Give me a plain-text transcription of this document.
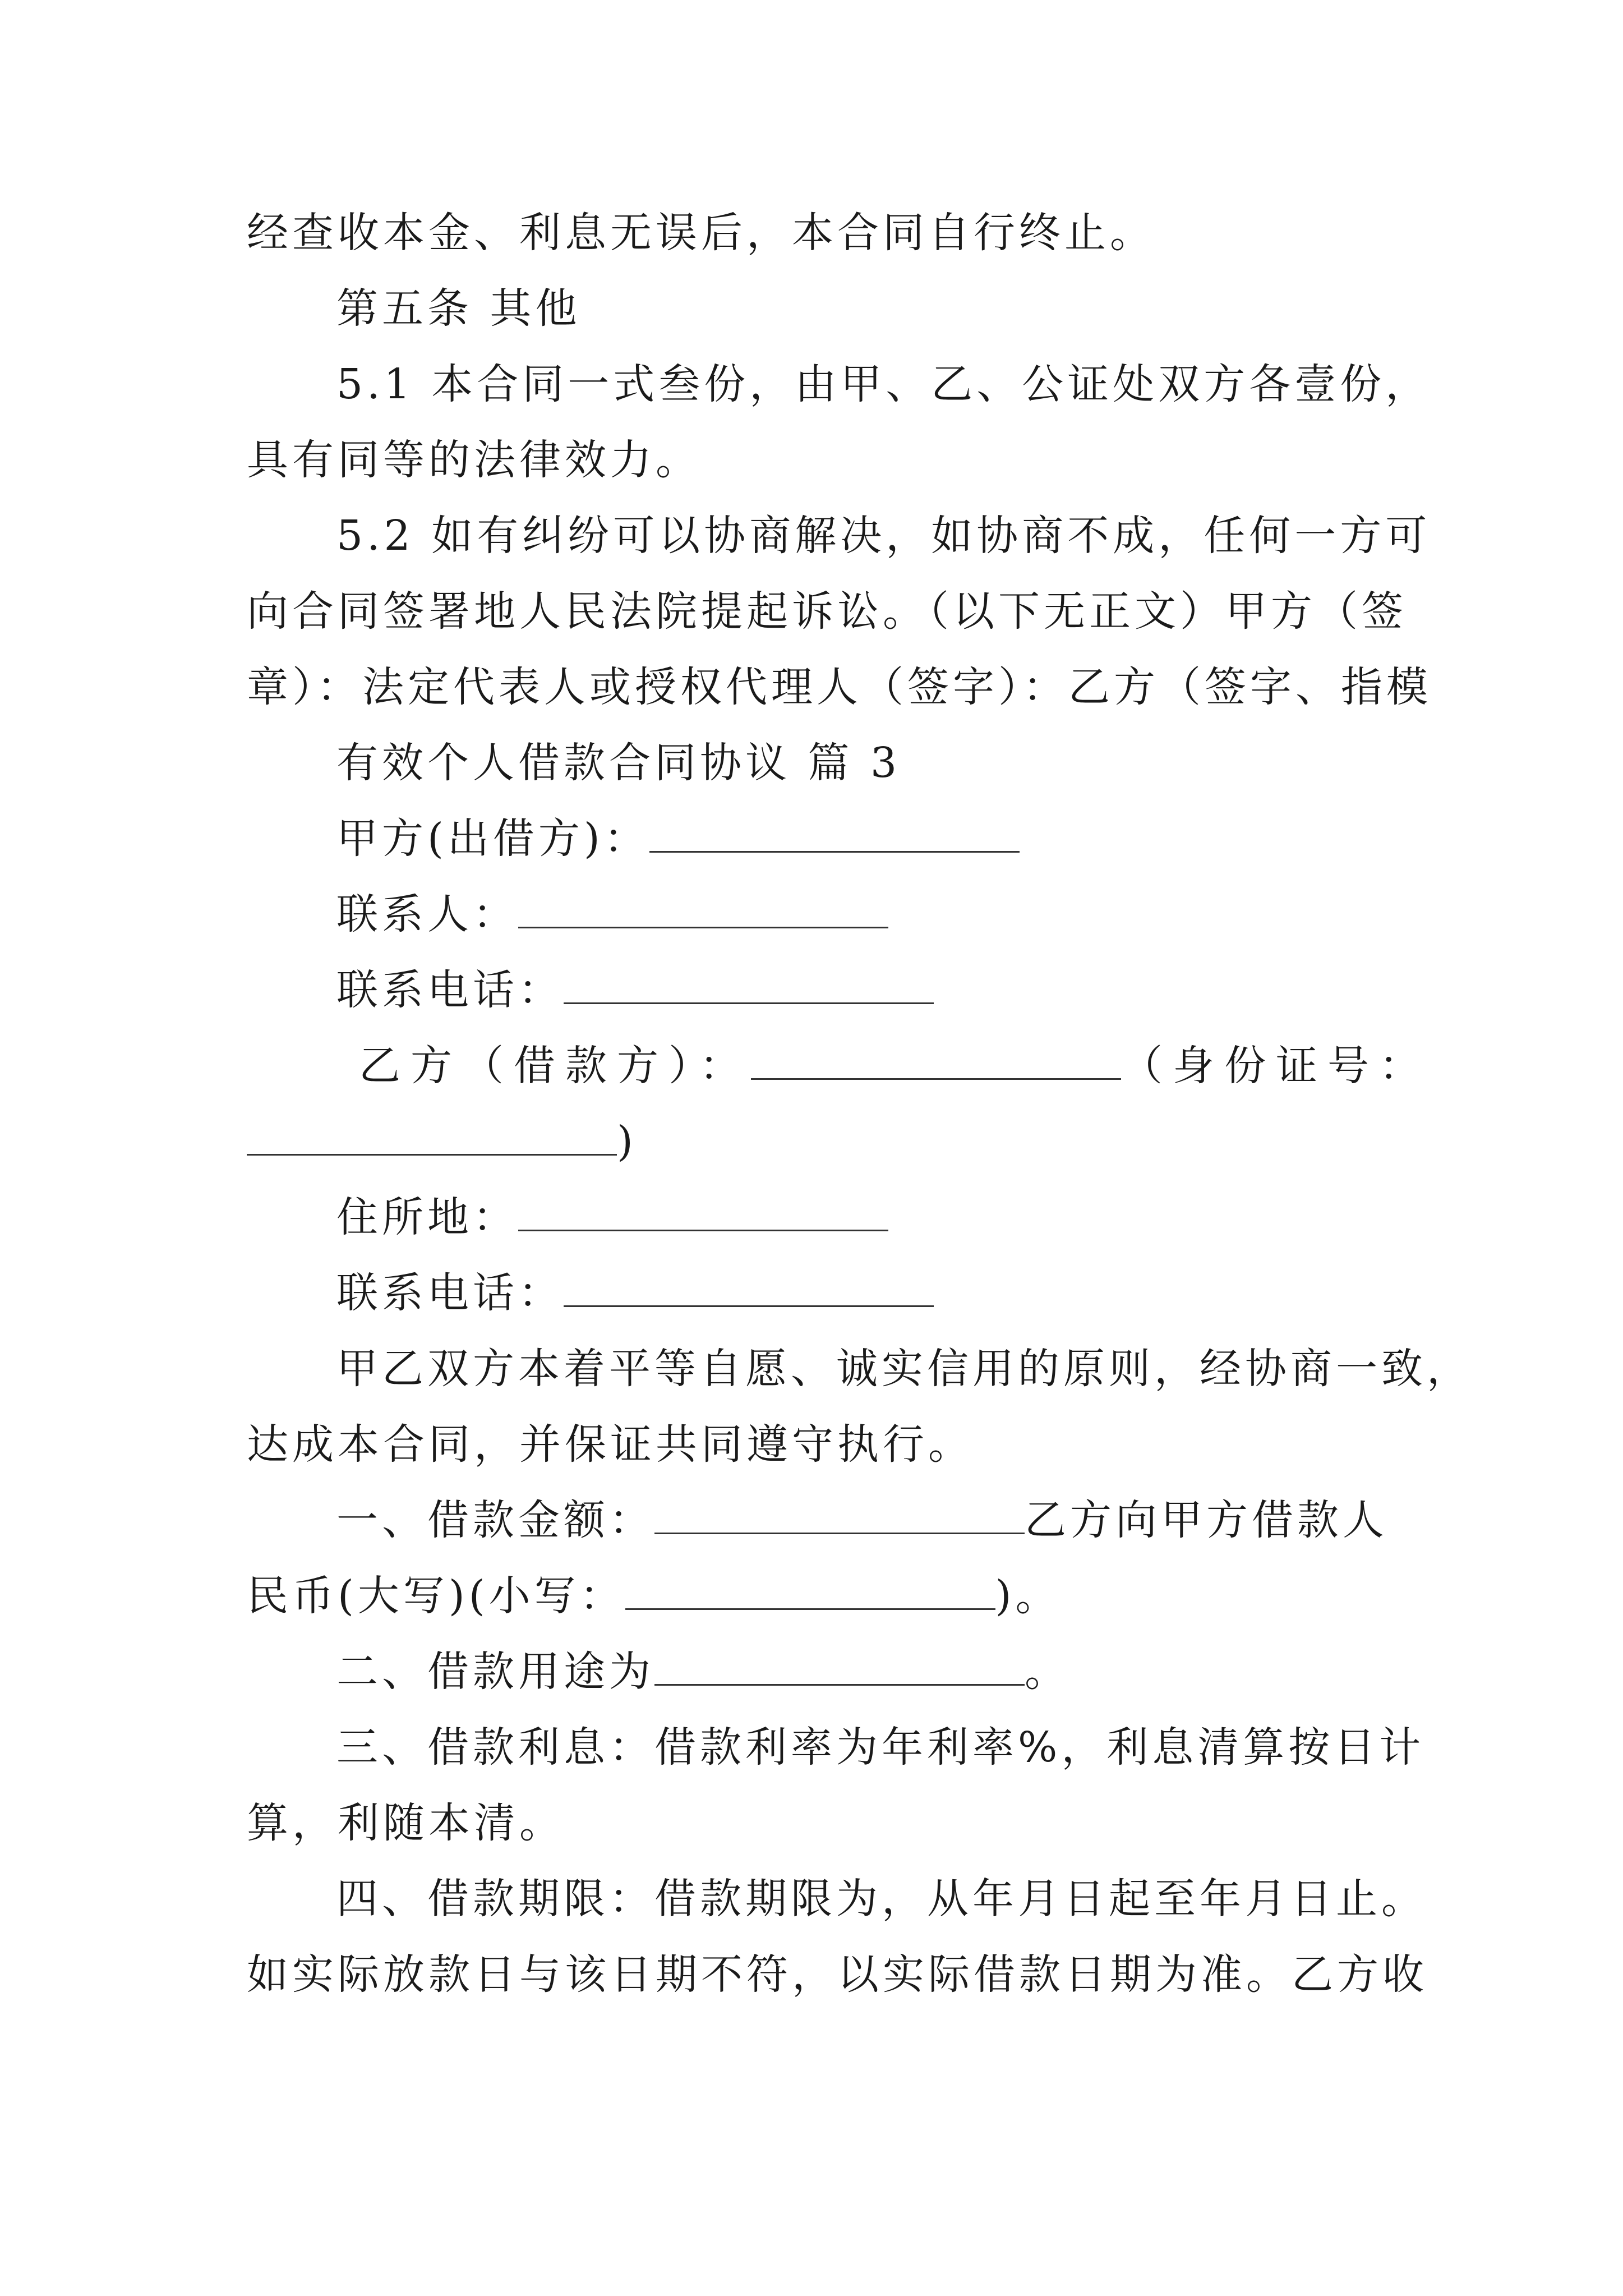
经查收本金、利息无误后，本合同自行终止。
第五条 其他
5.1 本合同一式叁份，由甲、乙、公证处双方各壹份，
具有同等的法律效力。
5.2 如有纠纷可以协商解决，如协商不成，任何一方可
向合同签署地人民法院提起诉讼。（以下无正文）甲方（签
章）：法定代表人或授权代理人（签字）：乙方（签字、指模
有效个人借款合同协议 篇 3
甲方(出借方)：
联系人：
联系电话：
乙方（借款方）：	（身份证号：
)
住所地：
联系电话：
甲乙双方本着平等自愿、诚实信用的原则，经协商一致，
达成本合同，并保证共同遵守执行。
一、借款金额：	乙方向甲方借款人
民币(大写)(小写：	)。
二、借款用途为	。
三、借款利息：借款利率为年利率%，利息清算按日计
算，利随本清。
四、借款期限：借款期限为，从年月日起至年月日止。
如实际放款日与该日期不符，以实际借款日期为准。乙方收
